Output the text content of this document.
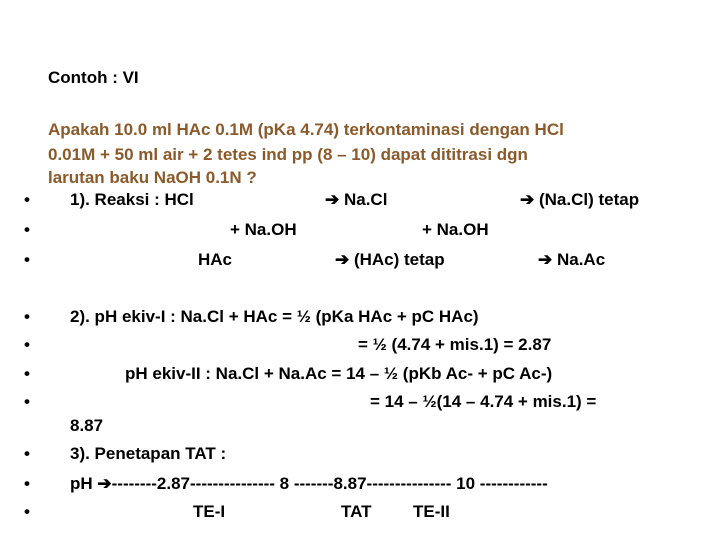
Contoh : VI
Apakah 10.0 ml HAc 0.1M (pKa 4.74) terkontaminasi dengan HCl
0.01M + 50 ml air + 2 tetes ind pp (8 – 10) dapat dititrasi dgn
larutan baku NaOH 0.1N ?
• 1). Reaksi : HCl	➔ Na.Cl	➔ (Na.Cl) tetap
•	+ Na.OH	+ Na.OH
•	HAc	➔ (HAc) tetap	➔ Na.Ac
• 2). pH ekiv-I : Na.Cl + HAc = ½ (pKa HAc + pC HAc)
•	= ½ (4.74 + mis.1) = 2.87
•	pH ekiv-II : Na.Cl + Na.Ac = 14 – ½ (pKb Ac- + pC Ac-)
•	= 14 – ½(14 – 4.74 + mis.1) =
8.87
• 3). Penetapan TAT :
• pH ➔--------2.87--------------- 8 -------8.87--------------- 10 ------------
•	TE-I	TAT TE-II
